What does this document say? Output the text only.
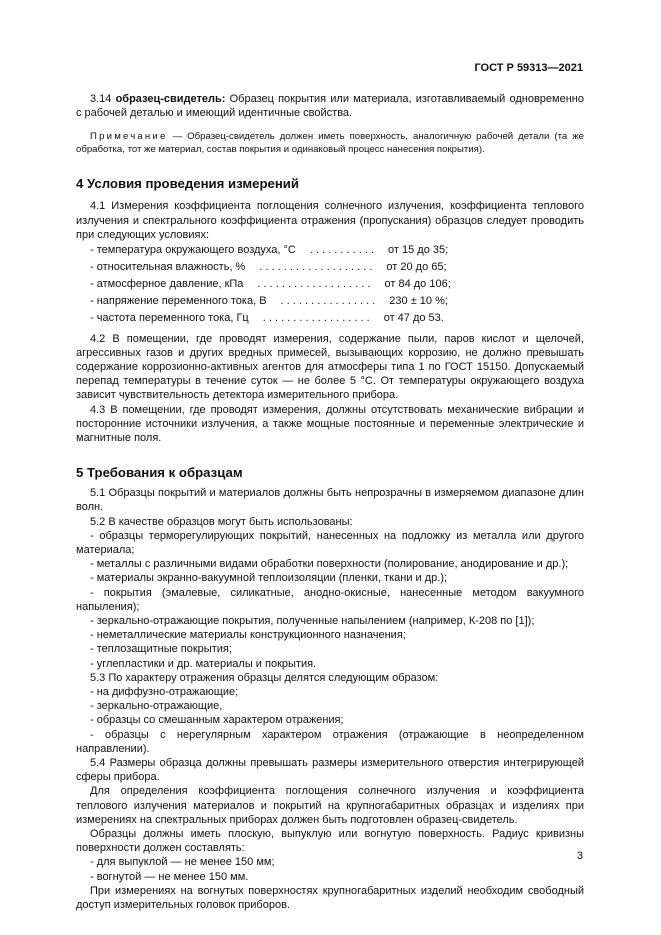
ГОСТ Р 59313—2021

3.14 образец-свидетель: Образец покрытия или материала, изготавливаемый одновременно с рабочей деталью и имеющий идентичные свойства.

Примечание — Образец-свидетель должен иметь поверхность, аналогичную рабочей детали (та же обработка, тот же материал, состав покрытия и одинаковый процесс нанесения покрытия).

4 Условия проведения измерений

4.1 Измерения коэффициента поглощения солнечного излучения, коэффициента теплового излучения и спектрального коэффициента отражения (пропускания) образцов следует проводить при следующих условиях:

- температура окружающего воздуха, °C	. . . . . . . . . . .	от 15 до 35;
- относительная влажность, %	. . . . . . . . . . . . . . . . . . .	от 20 до 65;
- атмосферное давление, кПа	. . . . . . . . . . . . . . . . . . .	от 84 до 106;
- напряжение переменного тока, В	. . . . . . . . . . . . . . . .	230 ± 10 %;
- частота переменного тока, Гц	. . . . . . . . . . . . . . . . . .	от 47 до 53.

4.2 В помещении, где проводят измерения, содержание пыли, паров кислот и щелочей, агрессивных газов и других вредных примесей, вызывающих коррозию, не должно превышать содержание коррозионно-активных агентов для атмосферы типа 1 по ГОСТ 15150. Допускаемый перепад температуры в течение суток — не более 5 °C. От температуры окружающего воздуха зависит чувствительность детектора измерительного прибора.

4.3 В помещении, где проводят измерения, должны отсутствовать механические вибрации и посторонние источники излучения, а также мощные постоянные и переменные электрические и магнитные поля.

5 Требования к образцам

5.1 Образцы покрытий и материалов должны быть непрозрачны в измеряемом диапазоне длин волн.

5.2 В качестве образцов могут быть использованы:

- образцы терморегулирующих покрытий, нанесенных на подложку из металла или другого материала;

- металлы с различными видами обработки поверхности (полирование, анодирование и др.);

- материалы экранно-вакуумной теплоизоляции (пленки, ткани и др.);

- покрытия (эмалевые, силикатные, анодно-окисные, нанесенные методом вакуумного напыления);

- зеркально-отражающие покрытия, полученные напылением (например, К-208 по [1]);

- неметаллические материалы конструкционного назначения;

- теплозащитные покрытия;

- углепластики и др. материалы и покрытия.

5.3 По характеру отражения образцы делятся следующим образом:

- на диффузно-отражающие;

- зеркально-отражающие,

- образцы со смешанным характером отражения;

- образцы с нерегулярным характером отражения (отражающие в неопределенном направлении).

5.4 Размеры образца должны превышать размеры измерительного отверстия интегрирующей сферы прибора.

Для определения коэффициента поглощения солнечного излучения и коэффициента теплового излучения материалов и покрытий на крупногабаритных образцах и изделиях при измерениях на спектральных приборах должен быть подготовлен образец-свидетель.

Образцы должны иметь плоскую, выпуклую или вогнутую поверхность. Радиус кривизны поверхности должен составлять:

- для выпуклой — не менее 150 мм;

- вогнутой — не менее 150 мм.

При измерениях на вогнутых поверхностях крупногабаритных изделий необходим свободный доступ измерительных головок приборов.

3
